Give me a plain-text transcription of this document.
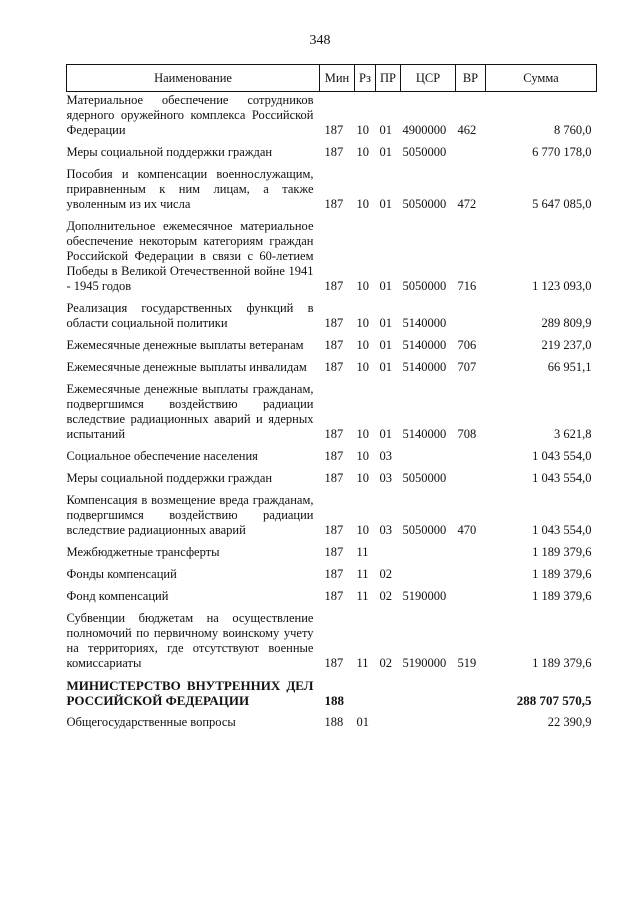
348
Наименование	Мин	Рз	ПР	ЦСР	ВР	Сумма
Материальное обеспечение сотрудников ядерного оружейного комплекса Российской Федерации	187	10	01	4900000	462	8 760,0
Меры социальной поддержки граждан	187	10	01	5050000		6 770 178,0
Пособия и компенсации военнослужащим, приравненным к ним лицам, а также уволенным из их числа	187	10	01	5050000	472	5 647 085,0
Дополнительное ежемесячное материальное обеспечение некоторым категориям граждан Российской Федерации в связи с 60-летием Победы в Великой Отечественной войне 1941 - 1945 годов	187	10	01	5050000	716	1 123 093,0
Реализация государственных функций в области социальной политики	187	10	01	5140000		289 809,9
Ежемесячные денежные выплаты ветеранам	187	10	01	5140000	706	219 237,0
Ежемесячные денежные выплаты инвалидам	187	10	01	5140000	707	66 951,1
Ежемесячные денежные выплаты гражданам, подвергшимся воздействию радиации вследствие радиационных аварий и ядерных испытаний	187	10	01	5140000	708	3 621,8
Социальное обеспечение населения	187	10	03			1 043 554,0
Меры социальной поддержки граждан	187	10	03	5050000		1 043 554,0
Компенсация в возмещение вреда гражданам, подвергшимся воздействию радиации вследствие радиационных аварий	187	10	03	5050000	470	1 043 554,0
Межбюджетные трансферты	187	11				1 189 379,6
Фонды компенсаций	187	11	02			1 189 379,6
Фонд компенсаций	187	11	02	5190000		1 189 379,6
Субвенции бюджетам на осуществление полномочий по первичному воинскому учету на территориях, где отсутствуют военные комиссариаты	187	11	02	5190000	519	1 189 379,6
МИНИСТЕРСТВО ВНУТРЕННИХ ДЕЛ РОССИЙСКОЙ ФЕДЕРАЦИИ	188					288 707 570,5
Общегосударственные вопросы	188	01				22 390,9
